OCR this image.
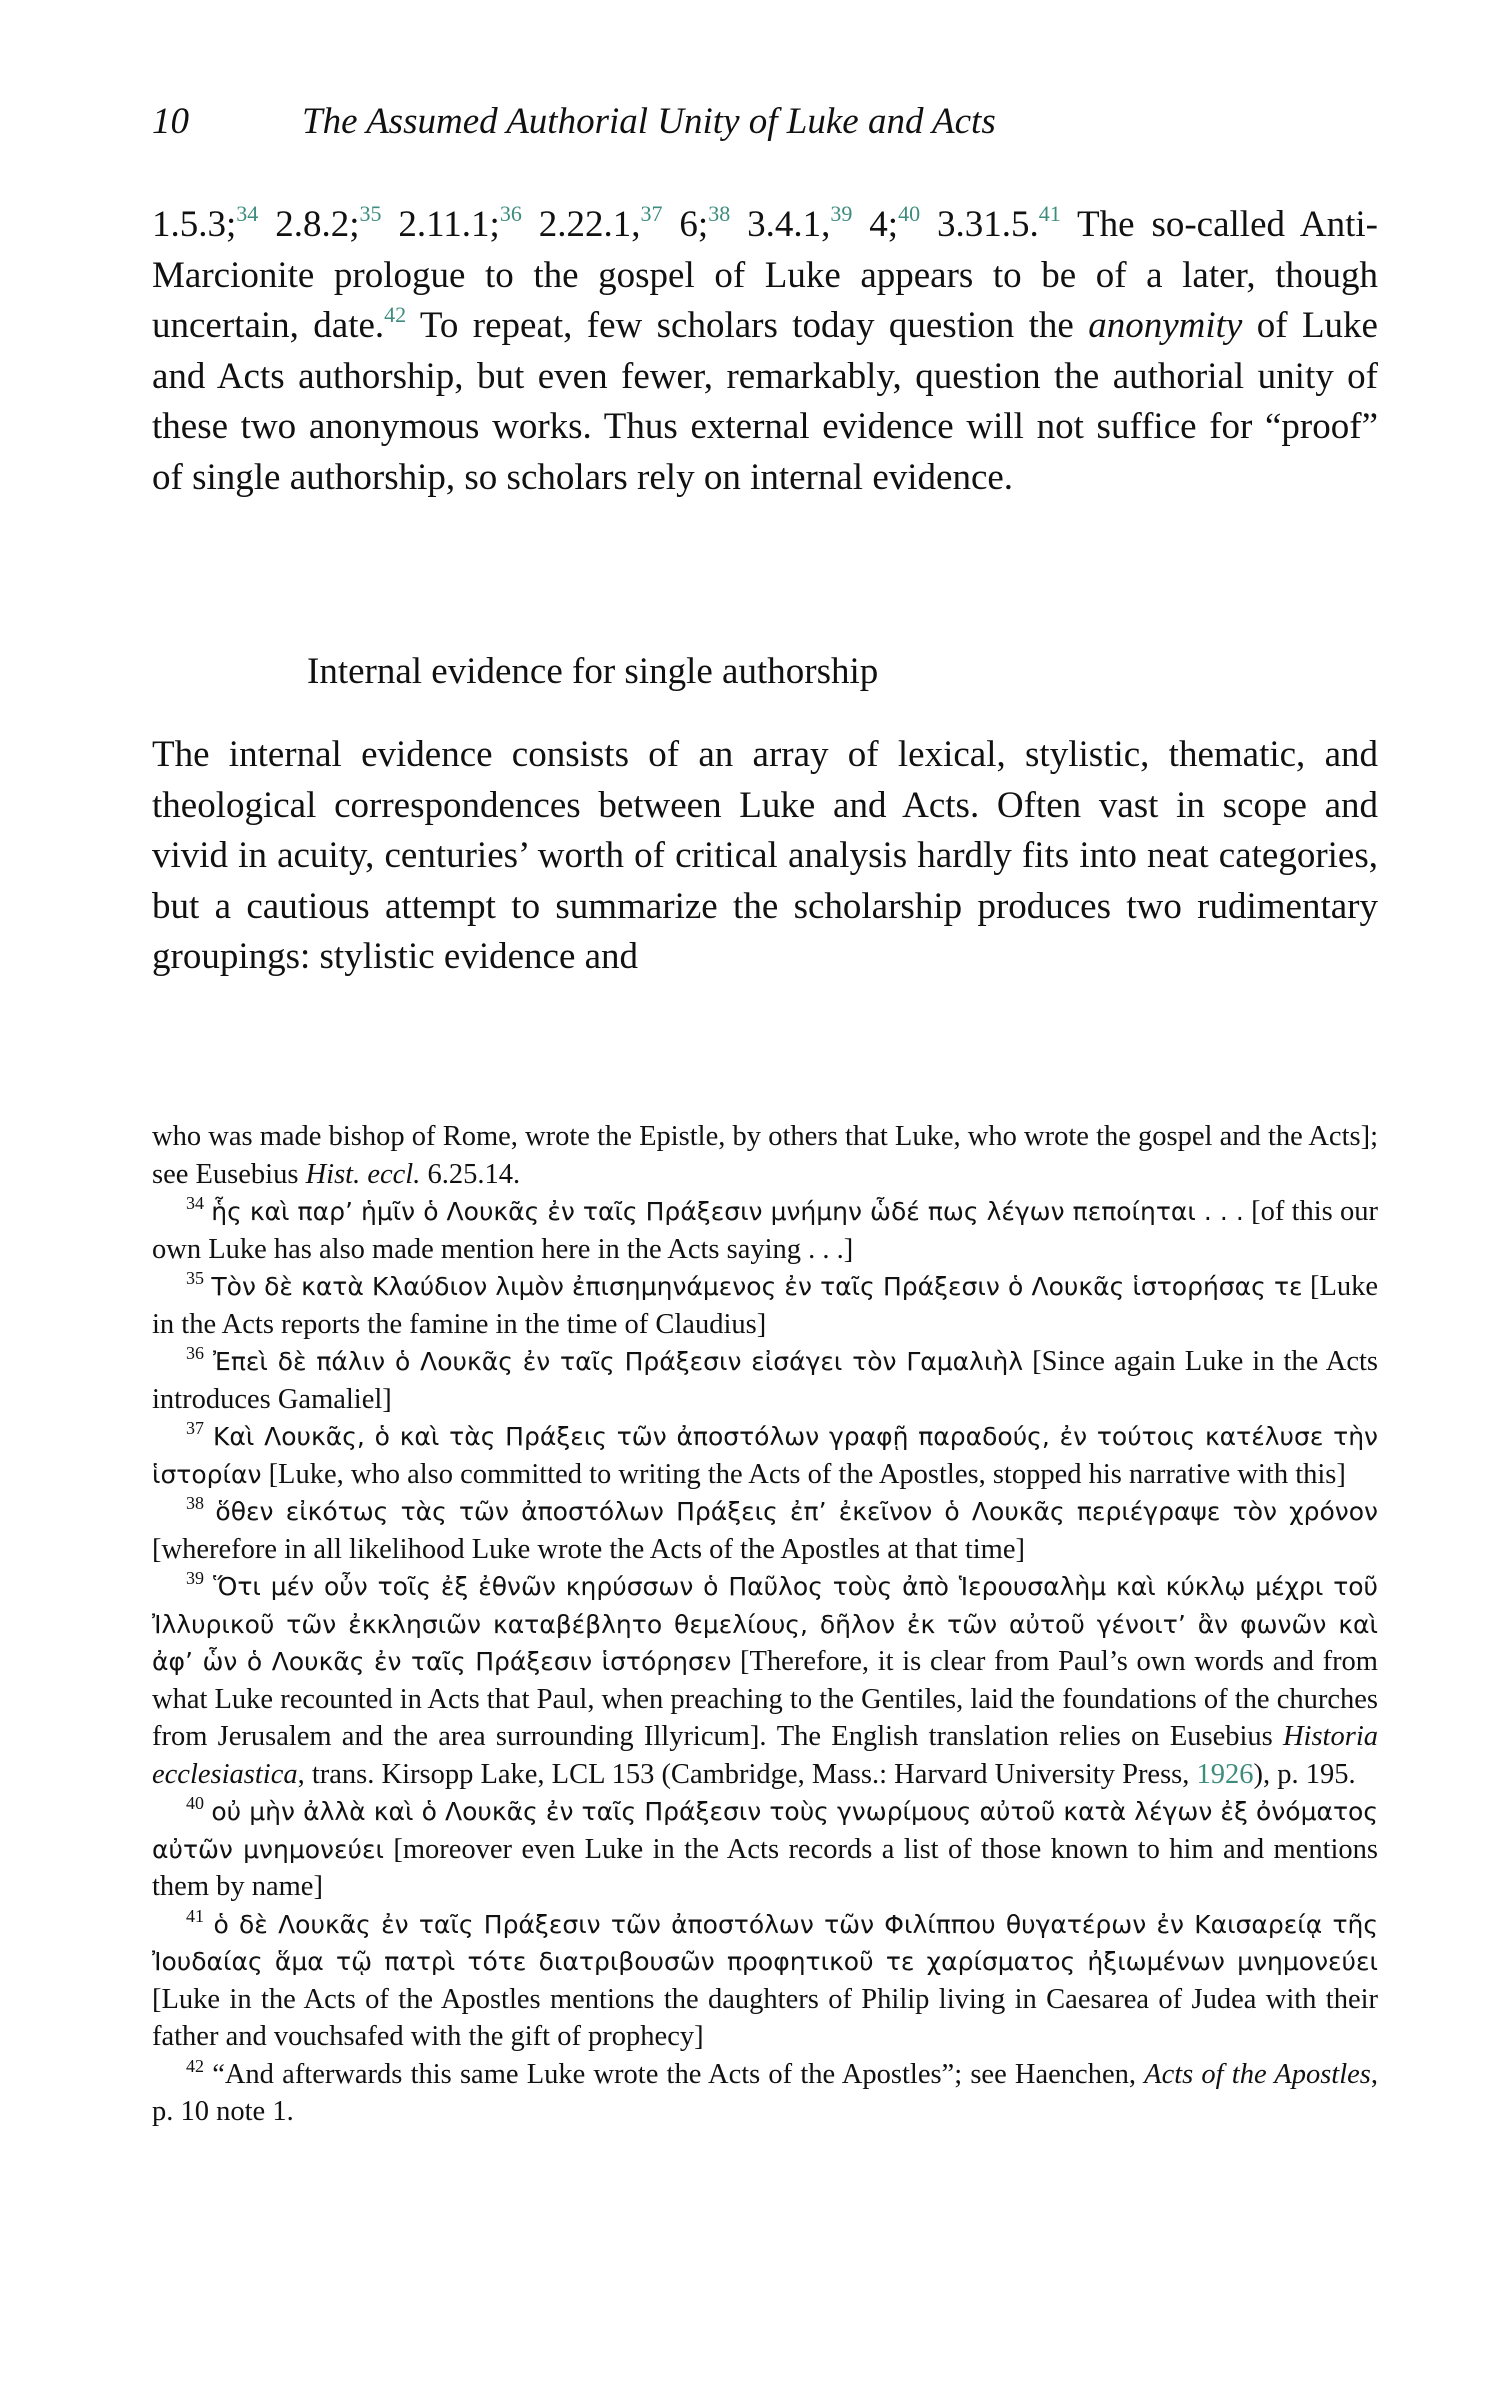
10	The Assumed Authorial Unity of Luke and Acts

1.5.3;$^{34}$ 2.8.2;$^{35}$ 2.11.1;$^{36}$ 2.22.1,37 6;$^{38}$ 3.4.1,39 4;$^{40}$ 3.31.5.41 The so-called Anti-Marcionite prologue to the gospel of Luke appears to be of a later, though uncertain, date.$^{42}$ To repeat, few scholars today question the anonymity of Luke and Acts authorship, but even fewer, remarkably, question the authorial unity of these two anonymous works. Thus external evidence will not suffice for “proof” of single authorship, so scholars rely on internal evidence.

Internal evidence for single authorship
The internal evidence consists of an array of lexical, stylistic, thematic, and theological correspondences between Luke and Acts. Often vast in scope and vivid in acuity, centuries’ worth of critical analysis hardly fits into neat categories, but a cautious attempt to summarize the scholarship produces two rudimentary groupings: stylistic evidence and

who was made bishop of Rome, wrote the Epistle, by others that Luke, who wrote the gospel and the Acts]; see Eusebius Hist. eccl. 6.25.14.

$^{34}$ ἧς καὶ παρ’ ἡμῖν ὁ Λουκᾶς ἐν ταῖς Πράξεσιν μνήμην ὧδέ πως λέγων πεποίηται . . . [of this our own Luke has also made mention here in the Acts saying . . .]

$^{35}$ Τὸν δὲ κατὰ Κλαύδιον λιμὸν ἐπισημηνάμενος ἐν ταῖς Πράξεσιν ὁ Λουκᾶς ἱστορήσας τε [Luke in the Acts reports the famine in the time of Claudius]

$^{36}$ Ἐπεὶ δὲ πάλιν ὁ Λουκᾶς ἐν ταῖς Πράξεσιν εἰσάγει τὸν Γαμαλιὴλ [Since again Luke in the Acts introduces Gamaliel]

$^{37}$ Καὶ Λουκᾶς, ὁ καὶ τὰς Πράξεις τῶν ἀποστόλων γραφῇ παραδούς, ἐν τούτοις κατέλυσε τὴν ἱστορίαν [Luke, who also committed to writing the Acts of the Apostles, stopped his narrative with this]

$^{38}$ ὅθεν εἰκότως τὰς τῶν ἀποστόλων Πράξεις ἐπ’ ἐκεῖνον ὁ Λουκᾶς περιέγραψε τὸν χρόνον [wherefore in all likelihood Luke wrote the Acts of the Apostles at that time]

$^{39}$ Ὅτι μέν οὖν τοῖς ἐξ ἐθνῶν κηρύσσων ὁ Παῦλος τοὺς ἀπὸ Ἱερουσαλὴμ καὶ κύκλῳ μέχρι τοῦ Ἰλλυρικοῦ τῶν ἐκκλησιῶν καταβέβλητο θεμελίους, δῆλον ἐκ τῶν αὐτοῦ γένοιτ’ ἂν φωνῶν καὶ ἀφ’ ὧν ὁ Λουκᾶς ἐν ταῖς Πράξεσιν ἱστόρησεν [Therefore, it is clear from Paul’s own words and from what Luke recounted in Acts that Paul, when preaching to the Gentiles, laid the foundations of the churches from Jerusalem and the area surrounding Illyricum]. The English translation relies on Eusebius Historia ecclesiastica, trans. Kirsopp Lake, LCL 153 (Cambridge, Mass.: Harvard University Press, 1926), p. 195.

$^{40}$ οὐ μὴν ἀλλὰ καὶ ὁ Λουκᾶς ἐν ταῖς Πράξεσιν τοὺς γνωρίμους αὐτοῦ κατὰ λέγων ἐξ ὀνόματος αὐτῶν μνημονεύει [moreover even Luke in the Acts records a list of those known to him and mentions them by name]

$^{41}$ ὁ δὲ Λουκᾶς ἐν ταῖς Πράξεσιν τῶν ἀποστόλων τῶν Φιλίππου θυγατέρων ἐν Καισαρείᾳ τῆς Ἰουδαίας ἅμα τῷ πατρὶ τότε διατριβουσῶν προφητικοῦ τε χαρίσματος ἠξιωμένων μνημονεύει [Luke in the Acts of the Apostles mentions the daughters of Philip living in Caesarea of Judea with their father and vouchsafed with the gift of prophecy]

$^{42}$ “And afterwards this same Luke wrote the Acts of the Apostles”; see Haenchen, Acts of the Apostles, p. 10 note 1.
